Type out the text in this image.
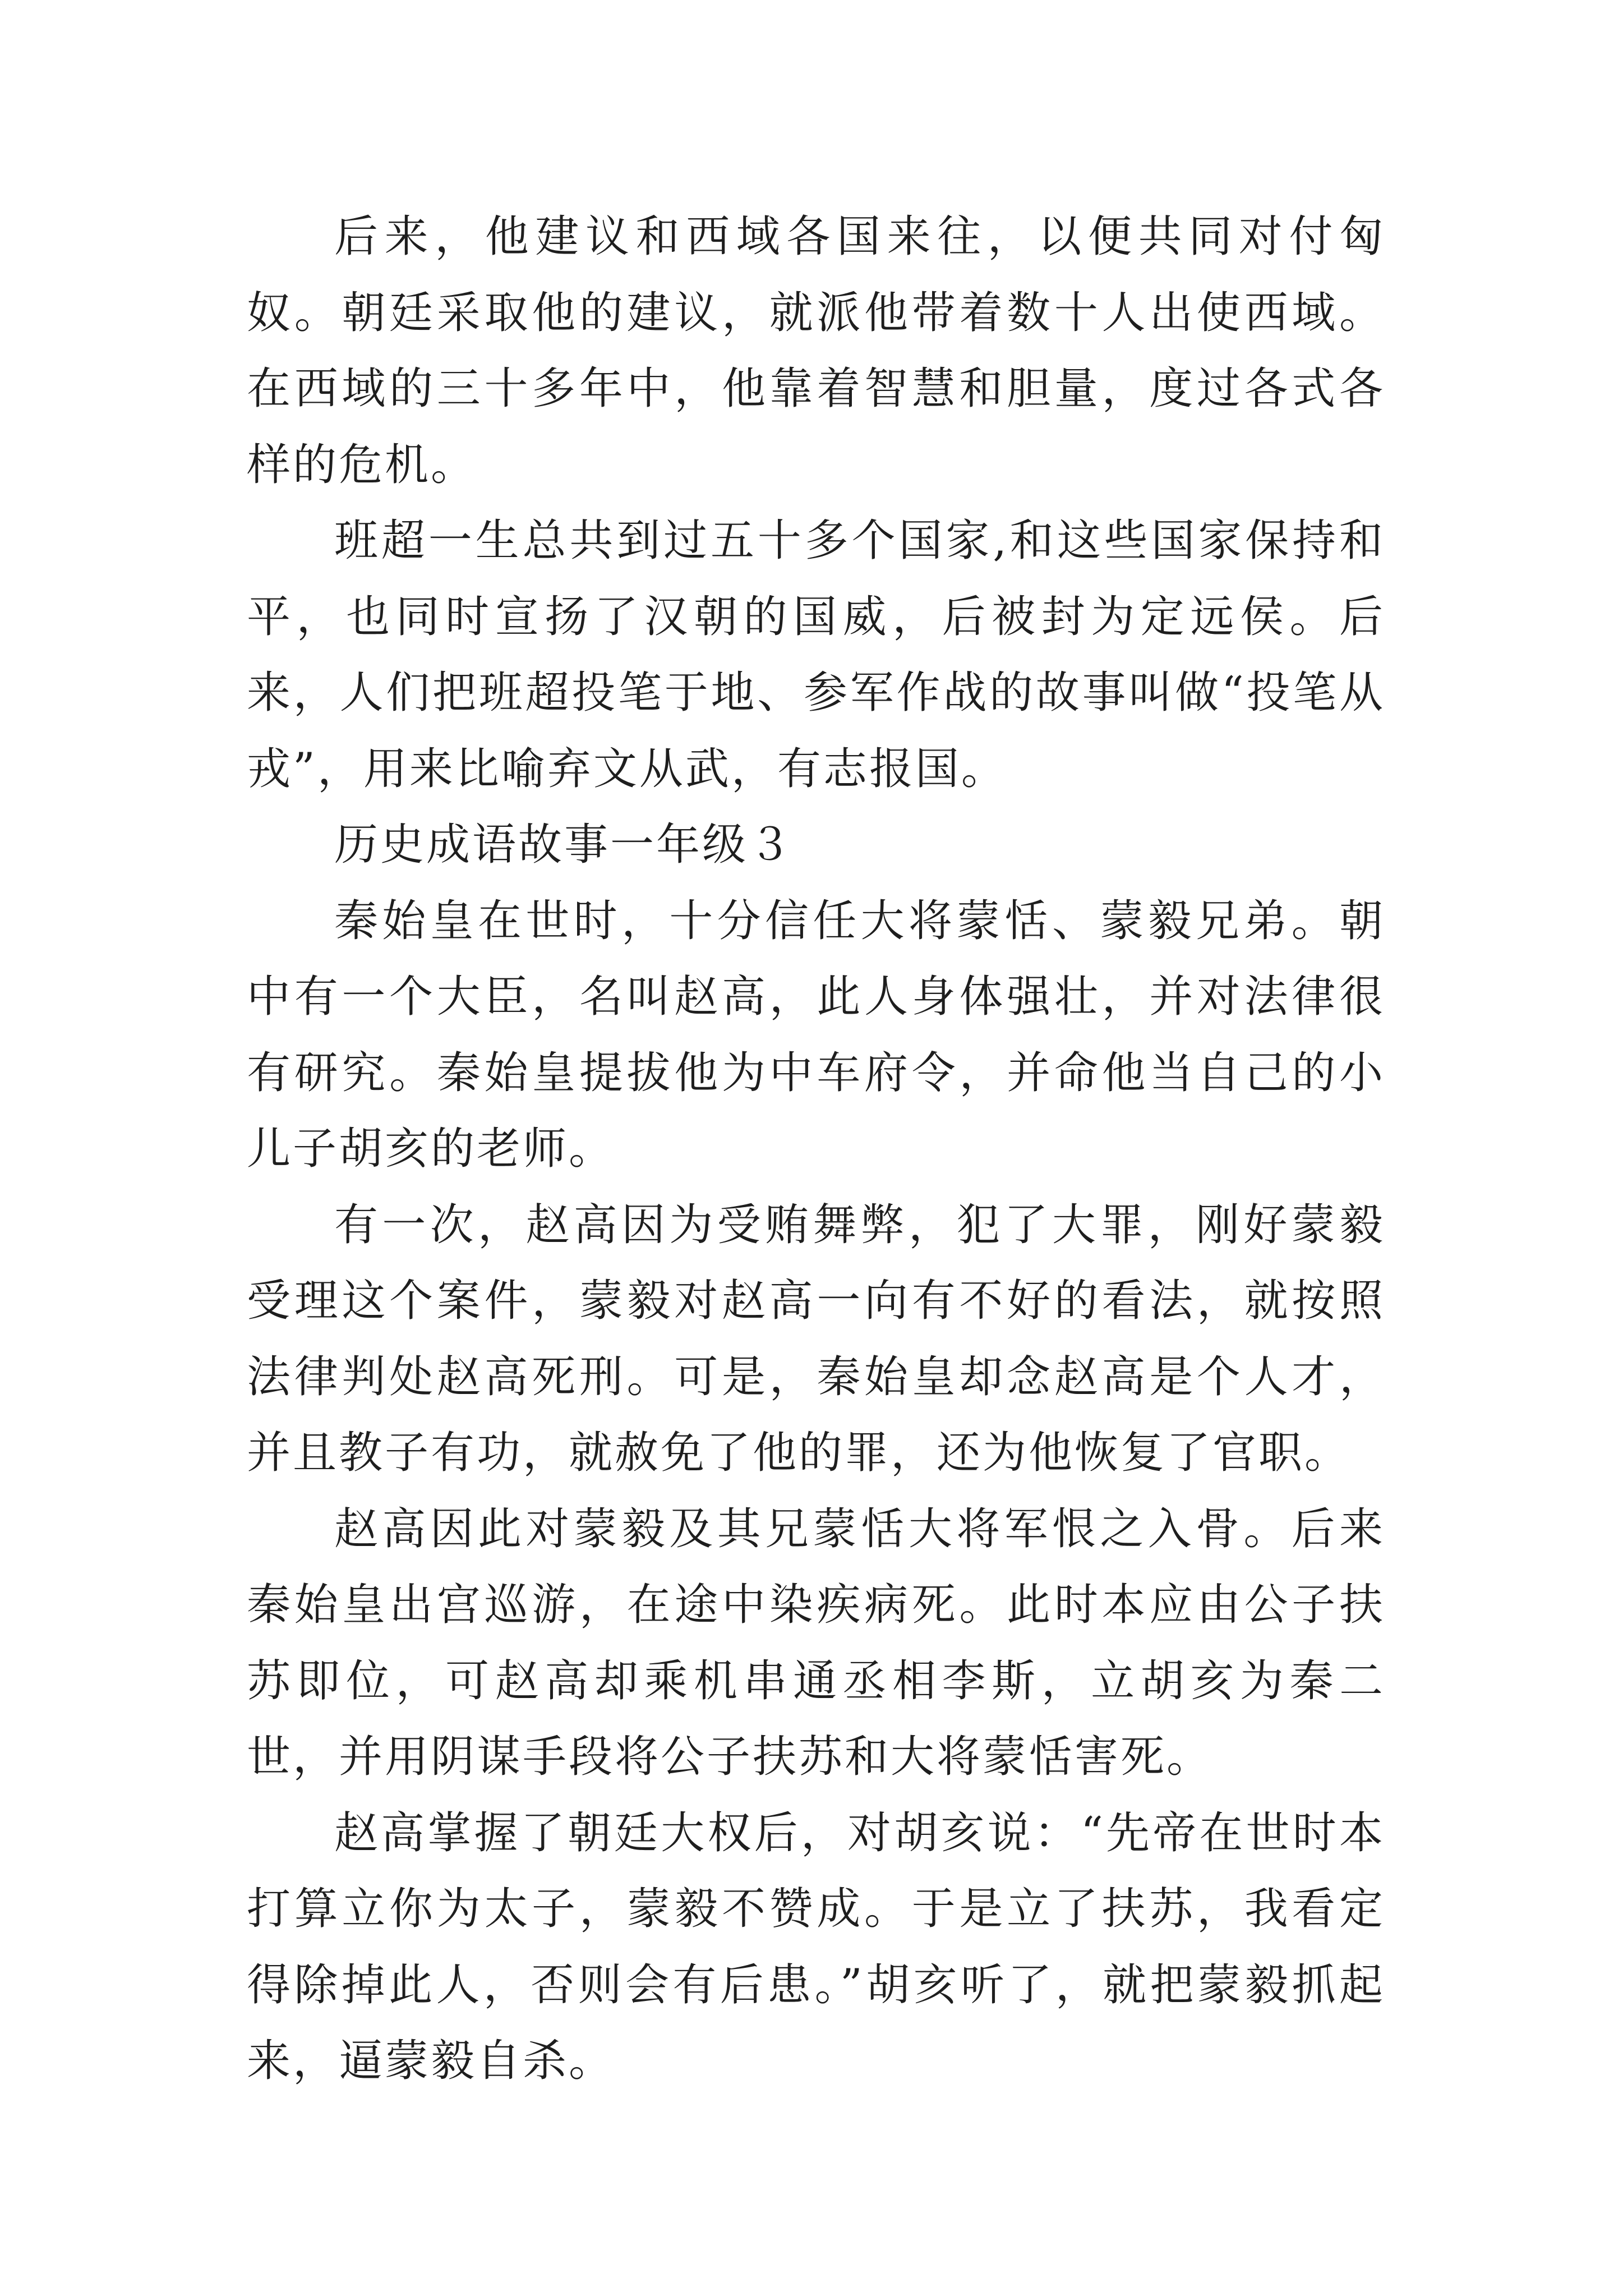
后来，他建议和西域各国来往，以便共同对付匈奴。朝廷采取他的建议，就派他带着数十人出使西域。在西域的三十多年中，他靠着智慧和胆量，度过各式各样的危机。

班超一生总共到过五十多个国家,和这些国家保持和平，也同时宣扬了汉朝的国威，后被封为定远侯。后来，人们把班超投笔于地、参军作战的故事叫做“投笔从戎”，用来比喻弃文从武，有志报国。

历史成语故事一年级３

秦始皇在世时，十分信任大将蒙恬、蒙毅兄弟。朝中有一个大臣，名叫赵高，此人身体强壮，并对法律很有研究。秦始皇提拔他为中车府令，并命他当自己的小儿子胡亥的老师。

有一次，赵高因为受贿舞弊，犯了大罪，刚好蒙毅受理这个案件，蒙毅对赵高一向有不好的看法，就按照法律判处赵高死刑。可是，秦始皇却念赵高是个人才，并且教子有功，就赦免了他的罪，还为他恢复了官职。

赵高因此对蒙毅及其兄蒙恬大将军恨之入骨。后来秦始皇出宫巡游，在途中染疾病死。此时本应由公子扶苏即位，可赵高却乘机串通丞相李斯，立胡亥为秦二世，并用阴谋手段将公子扶苏和大将蒙恬害死。

赵高掌握了朝廷大权后，对胡亥说：“先帝在世时本打算立你为太子，蒙毅不赞成。于是立了扶苏，我看定得除掉此人，否则会有后患。”胡亥听了，就把蒙毅抓起来，逼蒙毅自杀。
